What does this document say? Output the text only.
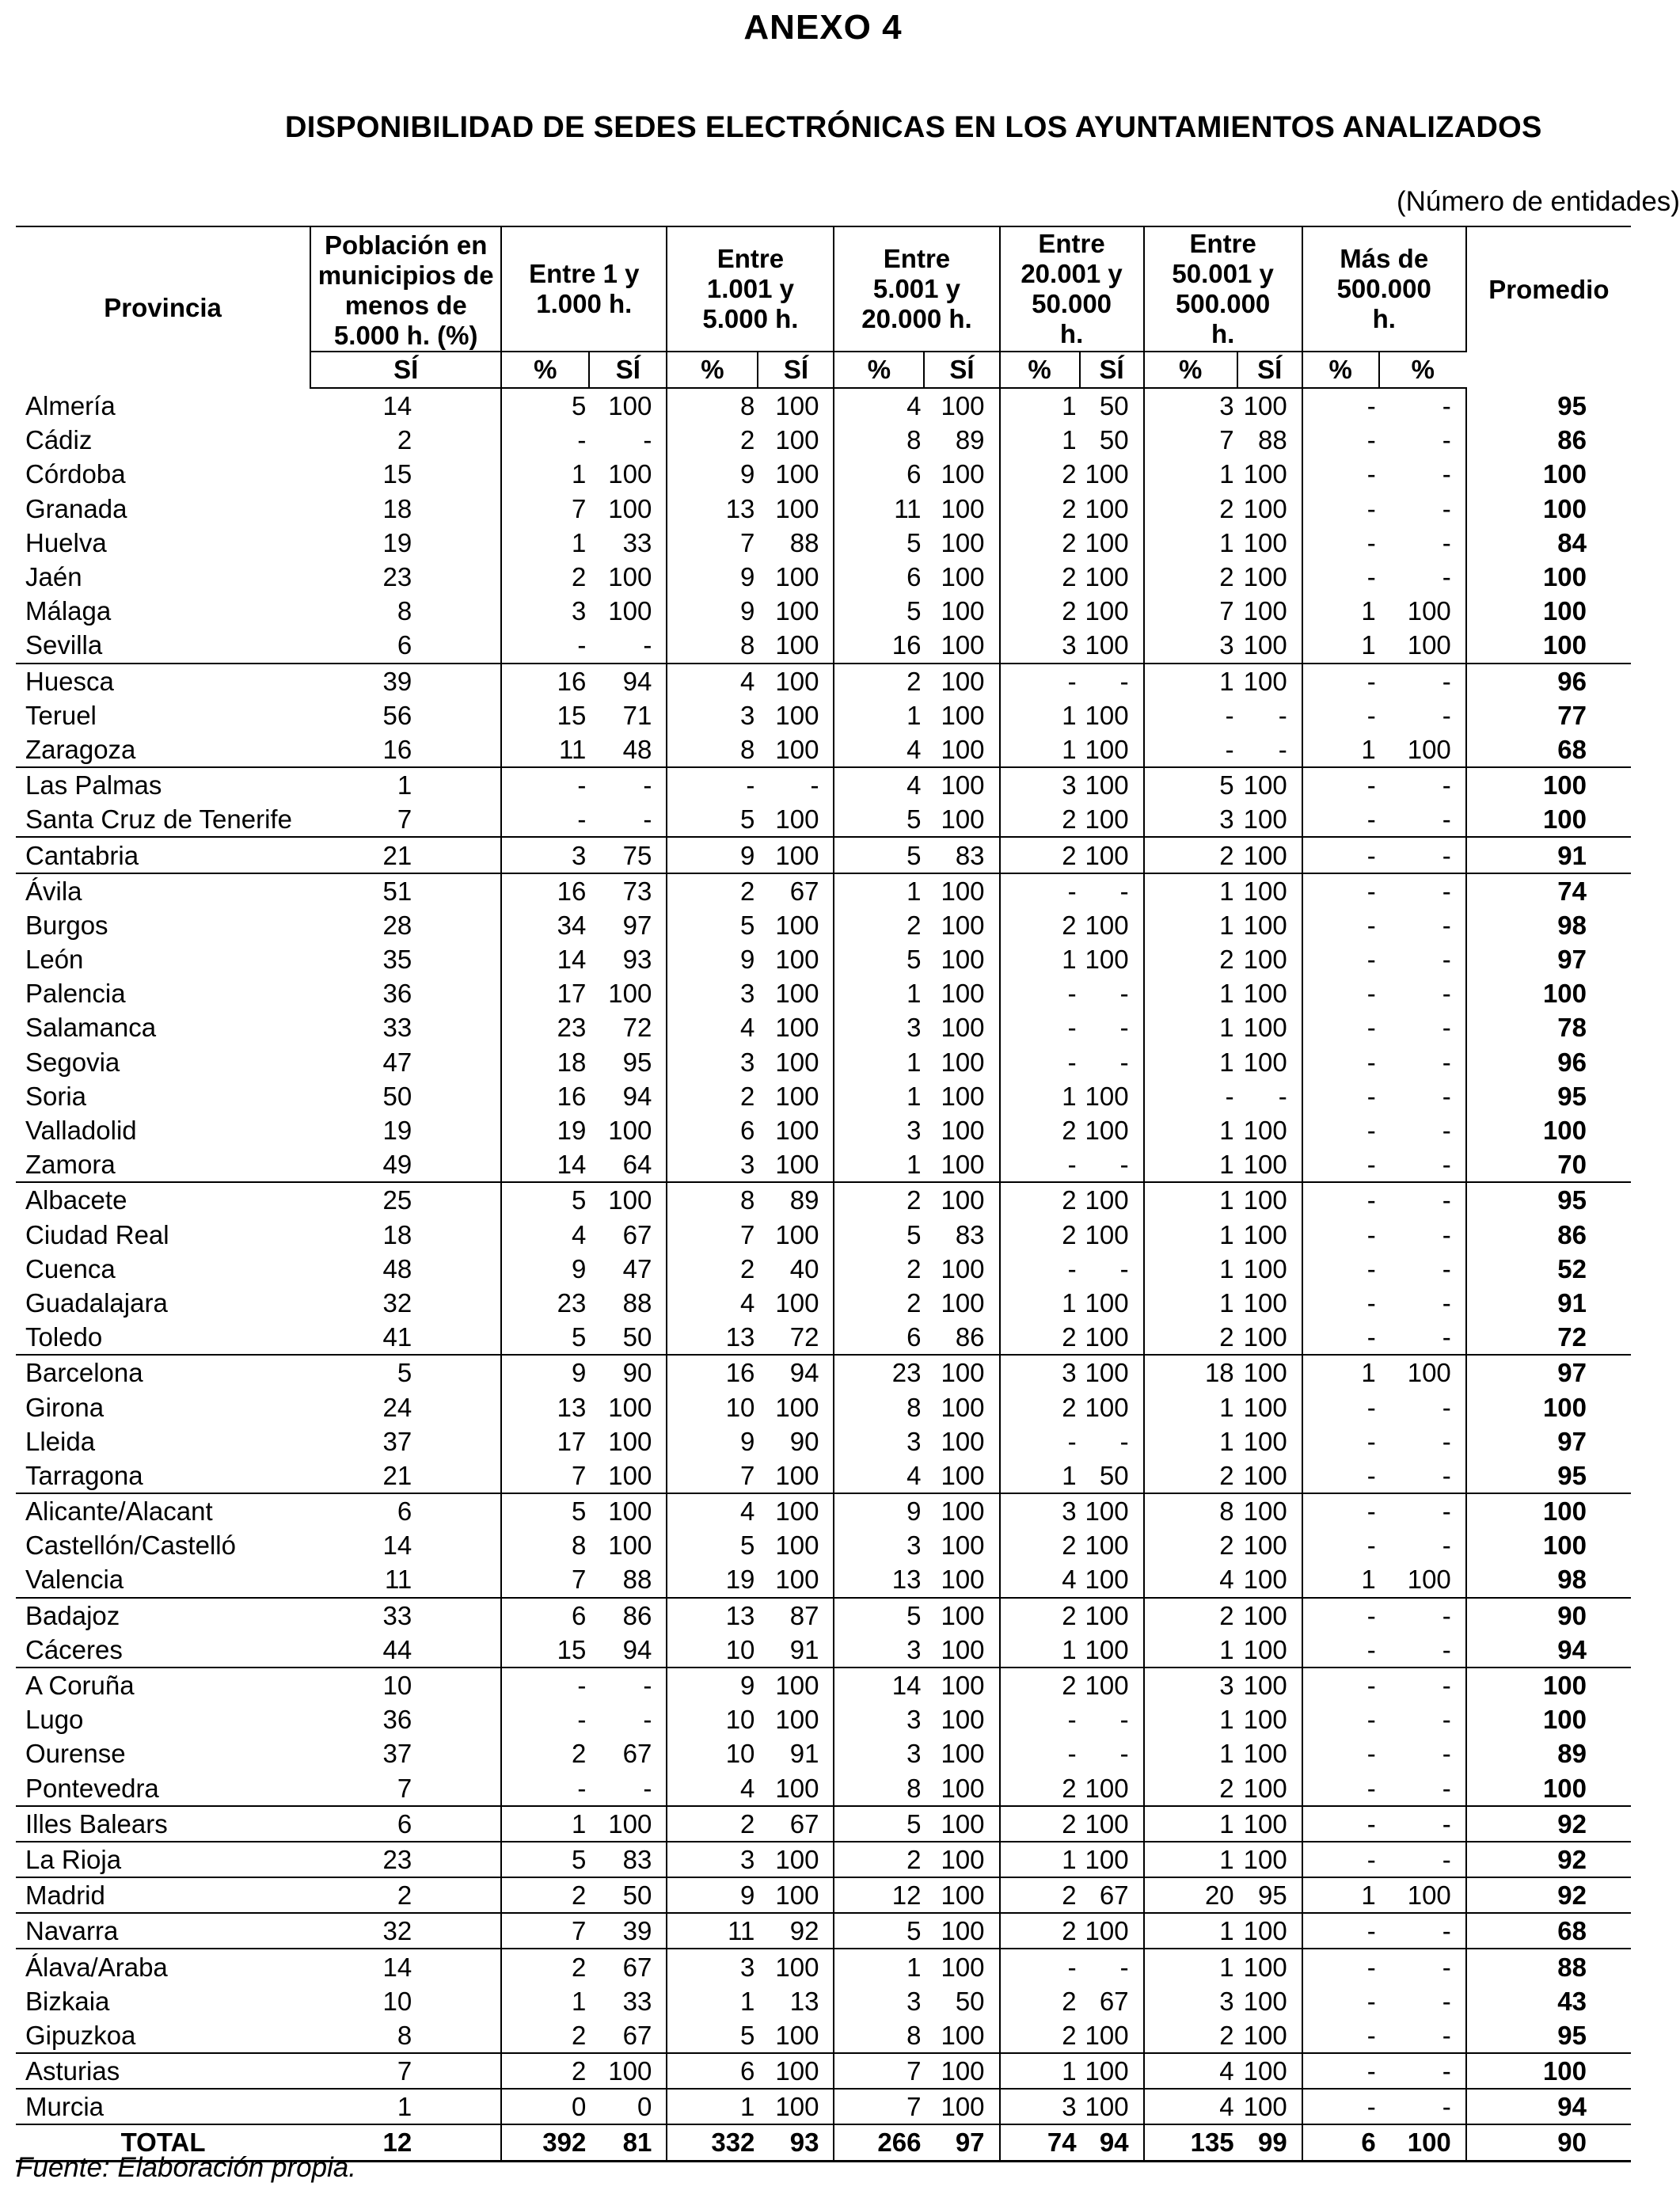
ANEXO 4
DISPONIBILIDAD DE SEDES ELECTRÓNICAS EN LOS AYUNTAMIENTOS ANALIZADOS
(Número de entidades)
Provincia	Población en municipios de menos de 5.000 h. (%)	Entre 1 y 1.000 h.		Entre 1.001 y 5.000 h.		Entre 5.001 y 20.000 h.		Entre 20.001 y 50.000 h.		Entre 50.001 y 500.000 h.		Más de 500.000 h.		Promedio
	SÍ	%	SÍ	%	SÍ	%	SÍ	%	SÍ	%	SÍ	%	%	
Almería	14	5	100	8	100	4	100	1	50	3	100	-	-	95
Cádiz	2	-	-	2	100	8	89	1	50	7	88	-	-	86
Córdoba	15	1	100	9	100	6	100	2	100	1	100	-	-	100
Granada	18	7	100	13	100	11	100	2	100	2	100	-	-	100
Huelva	19	1	33	7	88	5	100	2	100	1	100	-	-	84
Jaén	23	2	100	9	100	6	100	2	100	2	100	-	-	100
Málaga	8	3	100	9	100	5	100	2	100	7	100	1	100	100
Sevilla	6	-	-	8	100	16	100	3	100	3	100	1	100	100
Huesca	39	16	94	4	100	2	100	-	-	1	100	-	-	96
Teruel	56	15	71	3	100	1	100	1	100	-	-	-	-	77
Zaragoza	16	11	48	8	100	4	100	1	100	-	-	1	100	68
Las Palmas	1	-	-	-	-	4	100	3	100	5	100	-	-	100
Santa Cruz de Tenerife	7	-	-	5	100	5	100	2	100	3	100	-	-	100
Cantabria	21	3	75	9	100	5	83	2	100	2	100	-	-	91
Ávila	51	16	73	2	67	1	100	-	-	1	100	-	-	74
Burgos	28	34	97	5	100	2	100	2	100	1	100	-	-	98
León	35	14	93	9	100	5	100	1	100	2	100	-	-	97
Palencia	36	17	100	3	100	1	100	-	-	1	100	-	-	100
Salamanca	33	23	72	4	100	3	100	-	-	1	100	-	-	78
Segovia	47	18	95	3	100	1	100	-	-	1	100	-	-	96
Soria	50	16	94	2	100	1	100	1	100	-	-	-	-	95
Valladolid	19	19	100	6	100	3	100	2	100	1	100	-	-	100
Zamora	49	14	64	3	100	1	100	-	-	1	100	-	-	70
Albacete	25	5	100	8	89	2	100	2	100	1	100	-	-	95
Ciudad Real	18	4	67	7	100	5	83	2	100	1	100	-	-	86
Cuenca	48	9	47	2	40	2	100	-	-	1	100	-	-	52
Guadalajara	32	23	88	4	100	2	100	1	100	1	100	-	-	91
Toledo	41	5	50	13	72	6	86	2	100	2	100	-	-	72
Barcelona	5	9	90	16	94	23	100	3	100	18	100	1	100	97
Girona	24	13	100	10	100	8	100	2	100	1	100	-	-	100
Lleida	37	17	100	9	90	3	100	-	-	1	100	-	-	97
Tarragona	21	7	100	7	100	4	100	1	50	2	100	-	-	95
Alicante/Alacant	6	5	100	4	100	9	100	3	100	8	100	-	-	100
Castellón/Castelló	14	8	100	5	100	3	100	2	100	2	100	-	-	100
Valencia	11	7	88	19	100	13	100	4	100	4	100	1	100	98
Badajoz	33	6	86	13	87	5	100	2	100	2	100	-	-	90
Cáceres	44	15	94	10	91	3	100	1	100	1	100	-	-	94
A Coruña	10	-	-	9	100	14	100	2	100	3	100	-	-	100
Lugo	36	-	-	10	100	3	100	-	-	1	100	-	-	100
Ourense	37	2	67	10	91	3	100	-	-	1	100	-	-	89
Pontevedra	7	-	-	4	100	8	100	2	100	2	100	-	-	100
Illes Balears	6	1	100	2	67	5	100	2	100	1	100	-	-	92
La Rioja	23	5	83	3	100	2	100	1	100	1	100	-	-	92
Madrid	2	2	50	9	100	12	100	2	67	20	95	1	100	92
Navarra	32	7	39	11	92	5	100	2	100	1	100	-	-	68
Álava/Araba	14	2	67	3	100	1	100	-	-	1	100	-	-	88
Bizkaia	10	1	33	1	13	3	50	2	67	3	100	-	-	43
Gipuzkoa	8	2	67	5	100	8	100	2	100	2	100	-	-	95
Asturias	7	2	100	6	100	7	100	1	100	4	100	-	-	100
Murcia	1	0	0	1	100	7	100	3	100	4	100	-	-	94
TOTAL	12	392	81	332	93	266	97	74	94	135	99	6	100	90
Fuente: Elaboración propia.
